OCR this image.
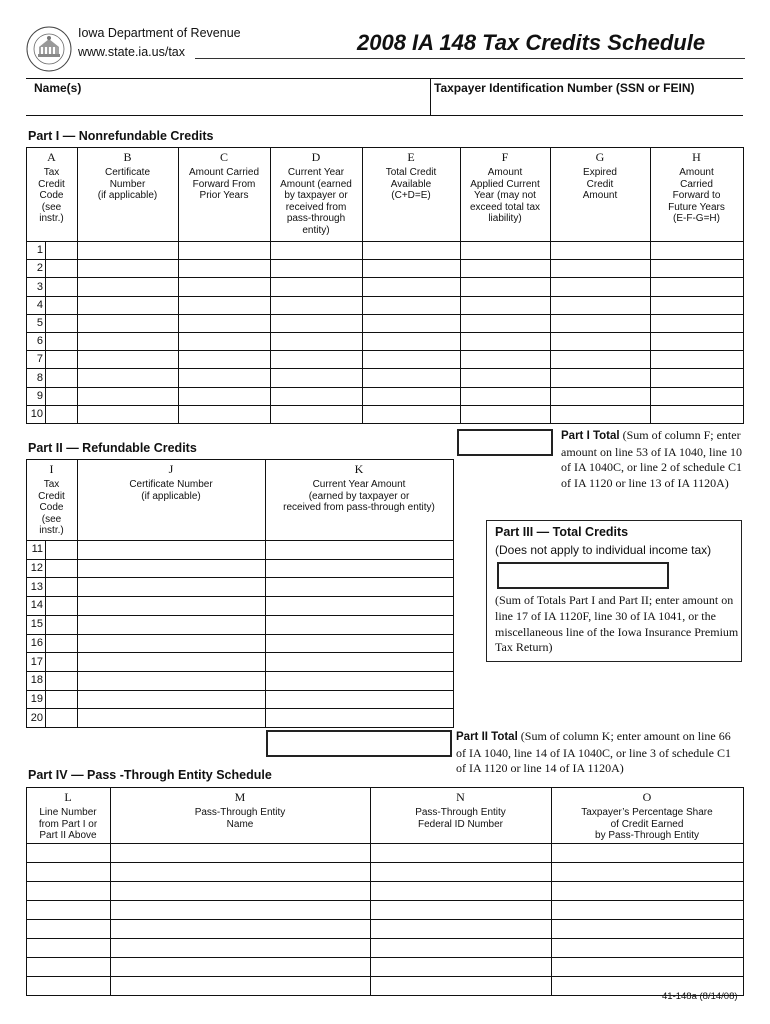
Iowa Department of Revenue
www.state.ia.us/tax	2008 IA 148 Tax Credits Schedule
Name(s)	Taxpayer Identification Number (SSN or FEIN)
Part I — Nonrefundable Credits
A
Tax
Credit
Code
(see
instr.)
B
Certificate
Number
(if applicable)
C
Amount Carried
Forward From
Prior Years
D
Current Year
Amount (earned
by taxpayer or
received from
pass-through
entity)
E
Total Credit
Available
(C+D=E)
F
Amount
Applied Current
Year (may not
exceed total tax
liability)
G
Expired
Credit
Amount
H
Amount
Carried
Forward to
Future Years
(E-F-G=H)
1
2
3
4
5
6
7
8
9
10
Part I Total (Sum of column F; enter amount on line 53 of IA 1040, line 10 of IA 1040C, or line 2 of schedule C1 of IA 1120 or line 13 of IA 1120A)
Part II — Refundable Credits
I
Tax
Credit
Code
(see
instr.)
J
Certificate Number
(if applicable)
K
Current Year Amount
(earned by taxpayer or
received from pass-through entity)
11
12
13
14
15
16
17
18
19
20
Part III — Total Credits
(Does not apply to individual income tax)
(Sum of Totals Part I and Part II; enter amount on line 17 of IA 1120F, line 30 of IA 1041, or the miscellaneous line of the Iowa Insurance Premium Tax Return)
Part II Total (Sum of column K; enter amount on line 66 of IA 1040, line 14 of IA 1040C, or line 3 of schedule C1 of IA 1120 or line 14 of IA 1120A)
Part IV — Pass -Through Entity Schedule
L
Line Number
from Part I or
Part II Above
M
Pass-Through Entity
Name
N
Pass-Through Entity
Federal ID Number
O
Taxpayer’s Percentage Share
of Credit Earned
by Pass-Through Entity
41-148a (8/14/08)
